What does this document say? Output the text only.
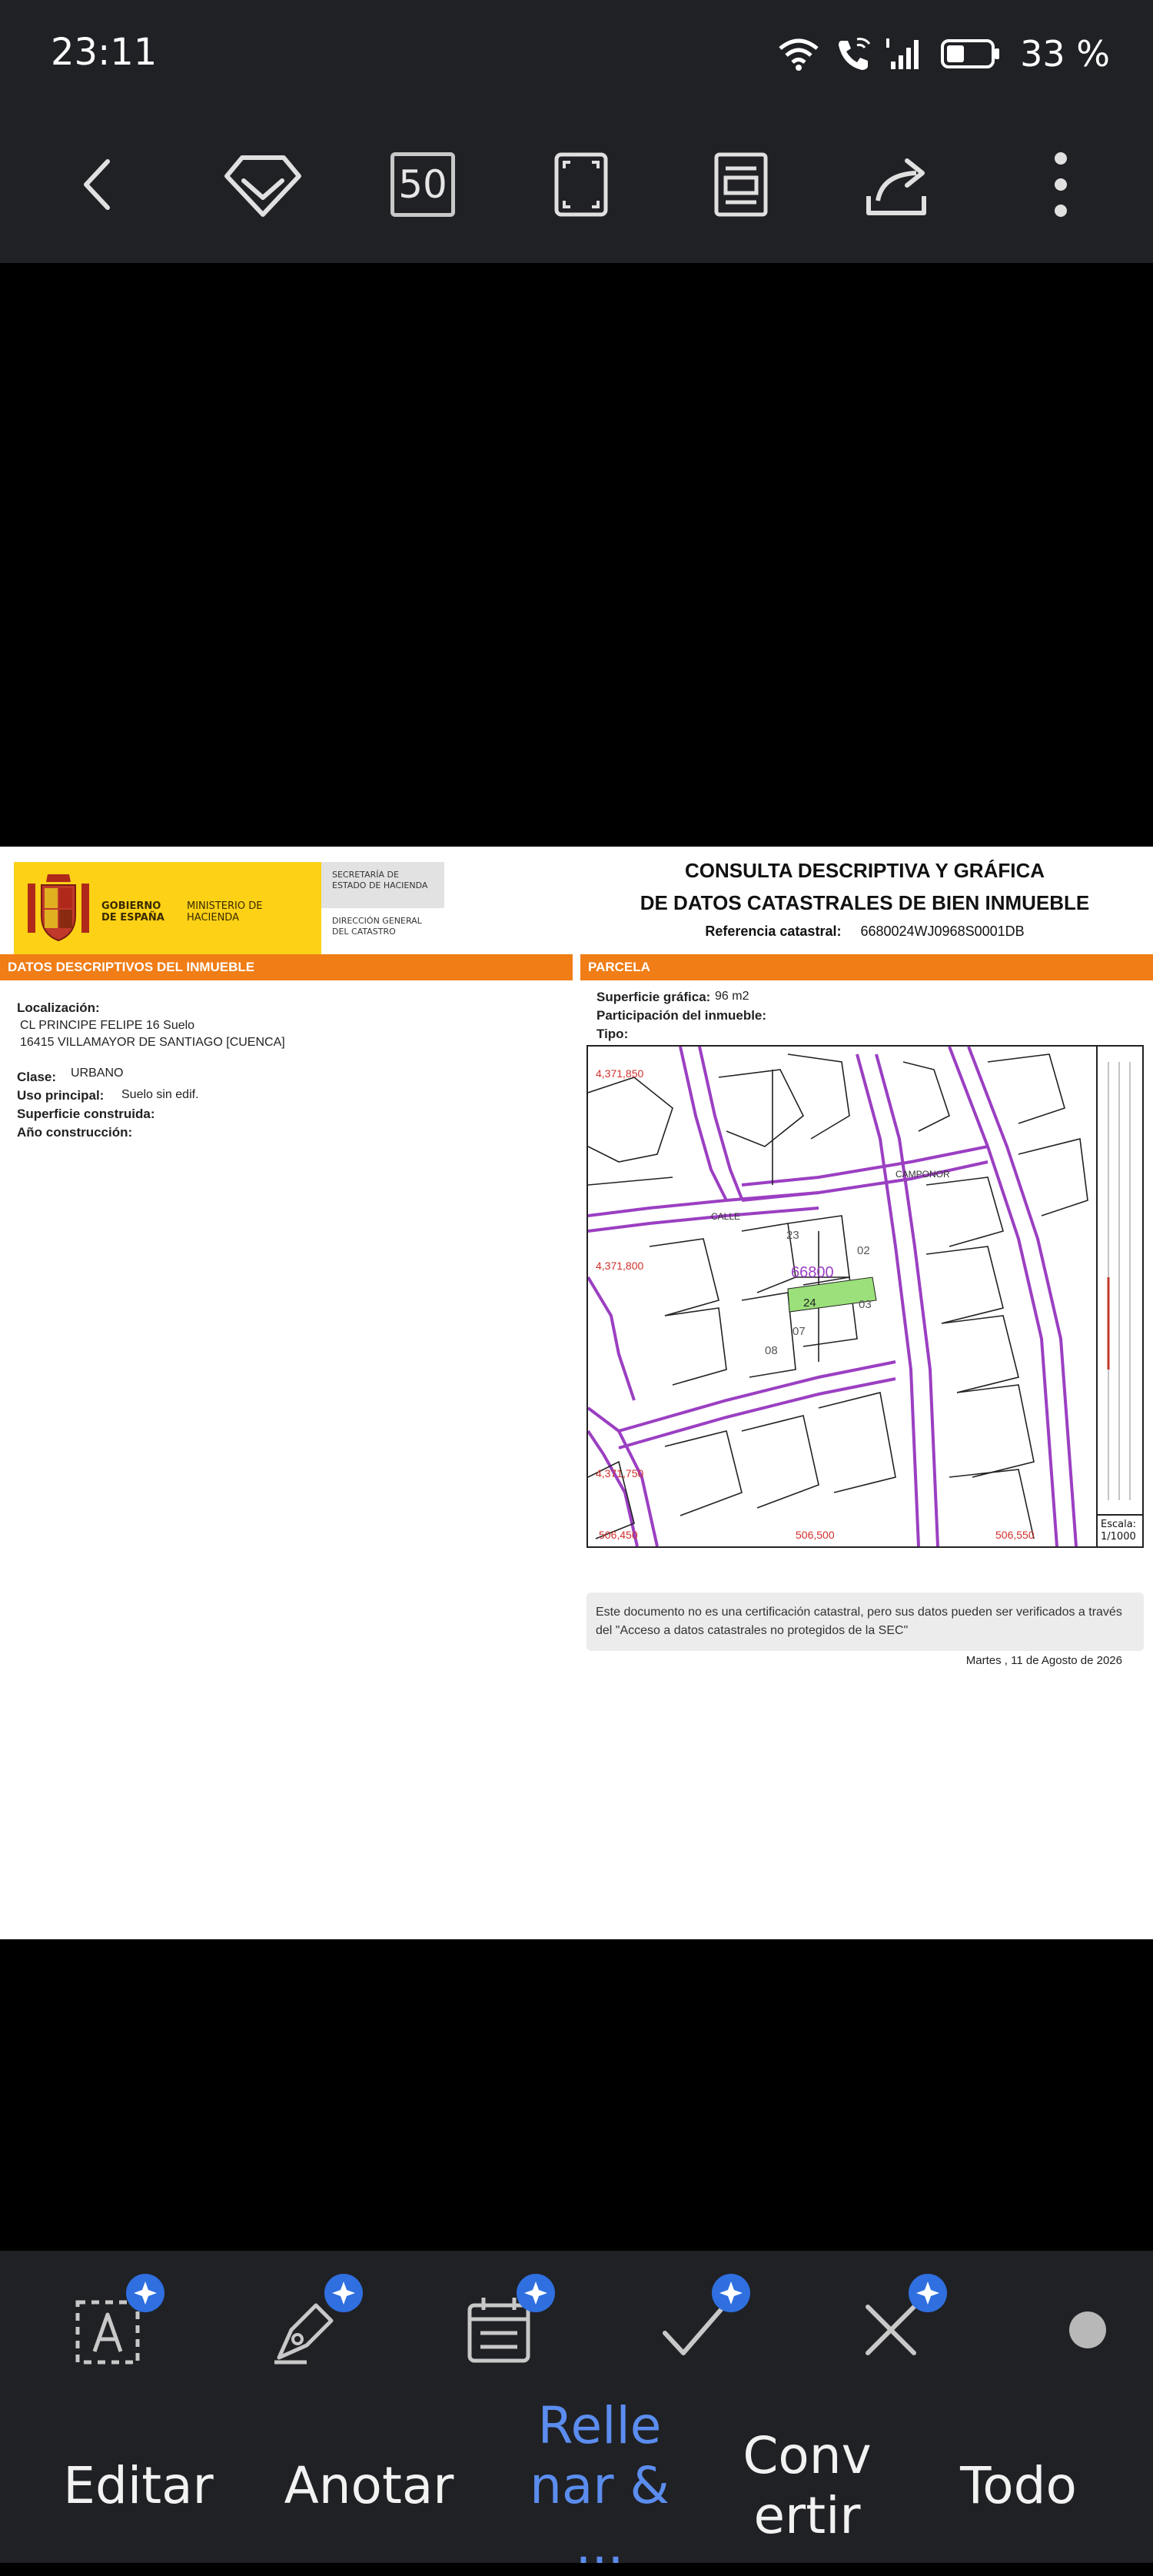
23:11	33 %
50
GOBIERNO DE ESPAÑA
MINISTERIO DE HACIENDA
SECRETARÍA DE ESTADO DE HACIENDA
DIRECCIÓN GENERAL DEL CATASTRO
CONSULTA DESCRIPTIVA Y GRÁFICA
DE DATOS CATASTRALES DE BIEN INMUEBLE
Referencia catastral: 6680024WJ0968S0001DB
DATOS DESCRIPTIVOS DEL INMUEBLE	PARCELA
Localización:
CL PRINCIPE FELIPE 16 Suelo
16415 VILLAMAYOR DE SANTIAGO [CUENCA]
Clase: URBANO
Uso principal: Suelo sin edif.
Superficie construida:
Año construcción:
Superficie gráfica: 96 m2
Participación del inmueble:
Tipo:
4,371,850
4,371,800
4,371,750
506,450	506,500	506,550
66800
CALLE
CAMPONOR
24
23
02
03
07
08
Escala:
1/1000
Este documento no es una certificación catastral, pero sus datos pueden ser verificados a través del "Acceso a datos catastrales no protegidos de la SEC"
Martes , 11 de Agosto de 2026
Editar Anotar
Relle
nar & ...
Conv
ertir
Todo
